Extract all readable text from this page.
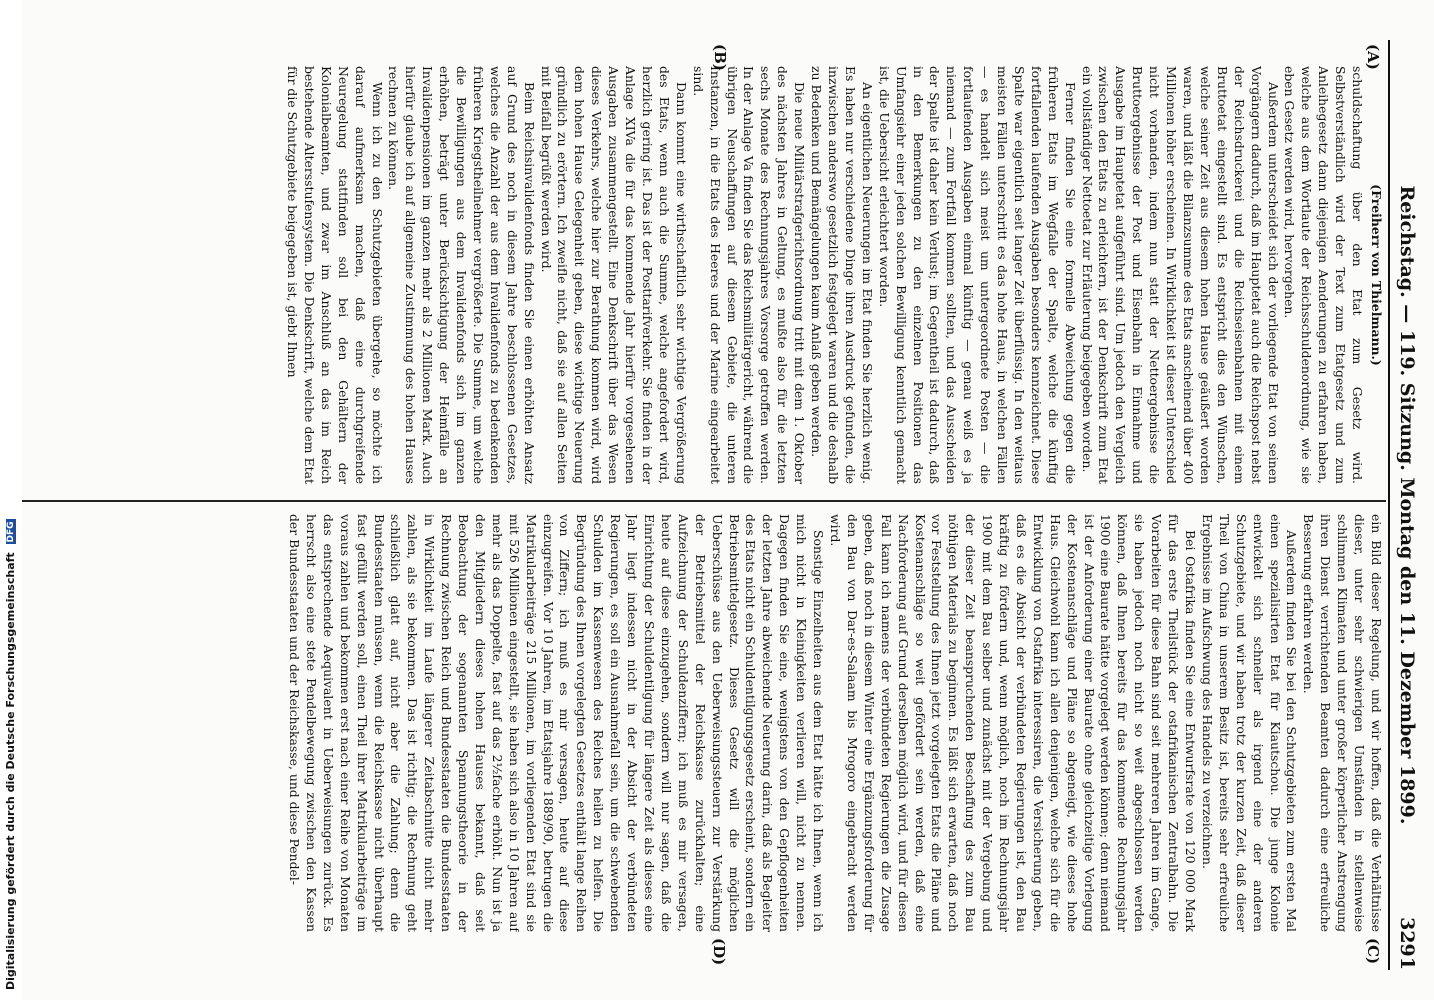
Reichstag. — 119. Sitzung. Montag den 11. Dezember 1899.
3291
(A)
(B)
(C)
(D)

(Freiherr von Thielmann.)

schuldschaftung über den Etat zum Gesetz wird. Selbstverständlich wird der Text zum Etatgesetz und zum Anleihegesetz dann diejenigen Aenderungen zu erfahren haben, welche aus dem Wortlaute der Reichsschuldenordnung, wie sie eben Gesetz werden wird, hervorgehen.

Außerdem unterscheidet sich der vorliegende Etat von seinen Vorgängern dadurch, daß im Hauptetat auch die Reichspost nebst der Reichsdruckerei und die Reichseisenbahnen mit einem Bruttoetat eingestellt sind. Es entspricht dies den Wünschen, welche seiner Zeit aus diesem hohen Hause geäußert worden waren, und läßt die Bilanzsumme des Etats anscheinend über 400 Millionen höher erscheinen. In Wirklichkeit ist dieser Unterschied nicht vorhanden, indem nun statt der Nettoergebnisse die Bruttoergebnisse der Post und Eisenbahn in Einnahme und Ausgabe im Hauptetat aufgeführt sind. Um jedoch den Vergleich zwischen den Etats zu erleichtern, ist der Denkschrift zum Etat ein vollständiger Nettoetat zur Erläuterung beigegeben worden.

Ferner finden Sie eine formelle Abweichung gegen die früheren Etats im Wegfalle der Spalte, welche die künftig fortfallenden laufenden Ausgaben besonders kennzeichnet. Diese Spalte war eigentlich seit langer Zeit überflüssig. In den weitaus meisten Fällen unterschritt es das hohe Haus, in welchen Fällen — es handelt sich meist um untergeordnete Posten — die fortlaufenden Ausgaben einmal künftig — genau weiß es ja niemand — zum Fortfall kommen sollten, und das Ausscheiden der Spalte ist daher kein Verlust; im Gegentheil ist dadurch, daß in den Bemerkungen zu den einzelnen Positionen das Umfangsiehr einer jeden solchen Bewilligung kenntlich gemacht ist, die Uebersicht erleichtert worden.

An eigentlichen Neuerungen im Etat finden Sie herzlich wenig. Es haben nur verschiedene Dinge ihren Ausdruck gefunden, die inzwischen anderswo gesetzlich festgelegt waren und die deshalb zu Bedenken und Bemängelungen kaum Anlaß geben werden.

Die neue Militärstrafgerichtsordnung tritt mit dem 1. Oktober des nächsten Jahres in Geltung, es mußte also für die letzten sechs Monate des Rechnungsjahres Vorsorge getroffen werden. In der Anlage Va finden Sie das Reichsmilitärgericht, während die übrigen Neuschaffungen auf diesem Gebiete, die unteren Instanzen, in die Etats des Heeres und der Marine eingearbeitet sind.

Dann kommt eine wirthschaftlich sehr wichtige Vergrößerung des Etats, wenn auch die Summe, welche angefordert wird, herzlich gering ist. Das ist der Posttarifverkehr. Sie finden in der Anlage XIVa die für das kommende Jahr hierfür vorgesehenen Ausgaben zusammengestellt. Eine Denkschrift über das Wesen dieses Verkehrs, welche hier zur Berathung kommen wird, wird dem hohen Hause Gelegenheit geben, diese wichtige Neuerung gründlich zu erörtern. Ich zweifle nicht, daß sie auf allen Seiten mit Beifall begrüßt werden wird.

Beim Reichsinvalidenfonds finden Sie einen erhöhten Ansatz auf Grund des noch in diesem Jahre beschlossenen Gesetzes, welches die Anzahl der aus dem Invalidenfonds zu bedenkenden früheren Kriegstheilnehmer vergrößerte. Die Summe, um welche die Bewilligungen aus dem Invalidenfonds sich im ganzen erhöhen, beträgt unter Berücksichtigung der Heimfälle an Invalidenpensionen im ganzen mehr als 2 Millionen Mark. Auch hierfür glaube ich auf allgemeine Zustimmung des hohen Hauses rechnen zu können.

Wenn ich zu den Schutzgebieten übergehe, so möchte ich darauf aufmerksam machen, daß eine durchgreifende Neuregelung stattfinden soll bei den Gehältern der Kolonialbeamten, und zwar im Anschluß an das im Reich bestehende Altersstufensystem. Die Denkschrift, welche dem Etat für die Schutzgebiete beigegeben ist, giebt Ihnen

ein Bild dieser Regelung, und wir hoffen, daß die Verhältnisse dieser, unter sehr schwierigen Umständen in stellenweise schlimmen Klimaten und unter großer körperlicher Anstrengung ihren Dienst verrichtenden Beamten dadurch eine erfreuliche Besserung erfahren werden.

Außerdem finden Sie bei den Schutzgebieten zum ersten Mal einen spezialisirten Etat für Kiautschou. Die junge Kolonie entwickelt sich schneller als irgend eine der anderen Schutzgebiete, und wir haben trotz der kurzen Zeit, daß dieser Theil von China in unserem Besitz ist, bereits sehr erfreuliche Ergebnisse im Aufschwung des Handels zu verzeichnen.

Bei Ostafrika finden Sie eine Entwurfsrate von 120 000 Mark für das erste Theilstück der ostafrikanischen Zentralbahn. Die Vorarbeiten für diese Bahn sind seit mehreren Jahren im Gange, sie haben jedoch noch nicht so weit abgeschlossen werden können, daß Ihnen bereits für das kommende Rechnungsjahr 1900 eine Baurate hätte vorgelegt werden können; denn niemand ist der Anforderung einer Baurate ohne gleichzeitige Vorlegung der Kostenanschläge und Pläne so abgeneigt, wie dieses hohe Haus. Gleichwohl kann ich allen denjenigen, welche sich für die Entwicklung von Ostafrika interessiren, die Versicherung geben, daß es die Absicht der verbündeten Regierungen ist, den Bau kräftig zu fördern und, wenn möglich, noch im Rechnungsjahr 1900 mit dem Bau selber und zunächst mit der Vergebung und der dieser Zeit beanspruchenden Beschaffung des zum Bau nöthigen Materials zu beginnen. Es läßt sich erwarten, daß noch vor Feststellung des Ihnen jetzt vorgelegten Etats die Pläne und Kostenanschläge so weit gefördert sein werden, daß eine Nachforderung auf Grund derselben möglich wird, und für diesen Fall kann ich namens der verbündeten Regierungen die Zusage geben, daß noch in diesem Winter eine Ergänzungsforderung für den Bau von Dar-es-Salaam bis Mrogoro eingebracht werden wird.

Sonstige Einzelheiten aus dem Etat hätte ich Ihnen, wenn ich mich nicht in Kleinigkeiten verlieren will, nicht zu nennen. Dagegen finden Sie eine, wenigstens von den Gepflogenheiten der letzten Jahre abweichende Neuerung darin, daß als Begleiter des Etats nicht ein Schuldentilgungsgesetz erscheint, sondern ein Betriebsmittelgesetz. Dieses Gesetz will die möglichen Ueberschüsse aus den Ueberweisungssteuern zur Verstärkung der Betriebsmittel der Reichskasse zurückhalten; eine Aufzeichnung der Schuldenziffern; ich muß es mir versagen, heute auf diese einzugehen, sondern will nur sagen, daß die Einrichtung der Schuldentilgung für längere Zeit als dieses eine Jahr liegt indessen nicht in der Absicht der verbündeten Regierungen, es soll ein Ausnahmefall sein, um die schwebenden Schulden im Kassenwesen des Reiches heilen zu helfen. Die Begründung des Ihnen vorgelegten Gesetzes enthält lange Reihen von Ziffern; ich muß es mir versagen, heute auf diese einzugreifen. Vor 10 Jahren, im Etatsjahre 1889/90, betrugen die Matrikularbeiträge 215 Millionen, im vorliegenden Etat sind sie mit 526 Millionen eingestellt, sie haben sich also in 10 Jahren auf mehr als das Doppelte, fast auf das 2½fache erhöht. Nun ist ja den Mitgliedern dieses hohen Hauses bekannt, daß seit Beobachtung der sogenannten Spannungstheorie in der Rechnung zwischen Reich und Bundesstaaten die Bundesstaaten in Wirklichkeit im Laufe längerer Zeitabschnitte nicht mehr zahlen, als sie bekommen. Das ist richtig; die Rechnung geht schließlich glatt auf, nicht aber die Zahlung; denn die Bundesstaaten müssen, wenn die Reichskasse nicht überhaupt fast gefüllt werden soll, einen Theil ihrer Matrikularbeiträge im voraus zahlen und bekommen erst nach einer Reihe von Monaten das entsprechende Aequivalent in Ueberweisungen zurück. Es herrscht also eine stete Pendelbewegung zwischen den Kassen der Bundesstaaten und der Reichskasse, und diese Pendel-

Digitalisierung gefördert durch die Deutsche Forschungsgemeinschaft DFG
